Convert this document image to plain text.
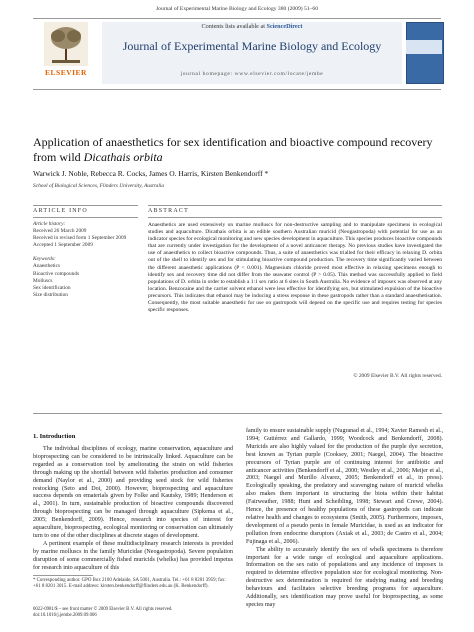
Journal of Experimental Marine Biology and Ecology 380 (2009) 51–60
ELSEVIER
Contents lists available at ScienceDirect
Journal of Experimental Marine Biology and Ecology
journal homepage: www.elsevier.com/locate/jembe
Application of anaesthetics for sex identification and bioactive compound recovery from wild Dicathais orbita
Warwick J. Noble, Rebecca R. Cocks, James O. Harris, Kirsten Benkendorff *
School of Biological Sciences, Flinders University, Australia
ARTICLE INFO
Article history:
Received 26 March 2009
Received in revised form 1 September 2009
Accepted 1 September 2009
Keywords:
Anaesthetics
Bioactive compounds
Molluscs
Sex identification
Size distribution
ABSTRACT
Anaesthetics are used extensively on marine molluscs for non-destructive sampling and to manipulate specimens in ecological studies and aquaculture. Dicathais orbita is an edible southern Australian muricid (Neogastropoda) with potential for use as an indicator species for ecological monitoring and new species development in aquaculture. This species produces bioactive compounds that are currently under investigation for the development of a novel anticancer therapy. No previous studies have investigated the use of anaesthetics to collect bioactive compounds. Thus, a suite of anaesthetics was trialled for their efficacy in relaxing D. orbita out of the shell to identify sex and for stimulating bioactive compound production. The recovery time significantly varied between the different anaesthetic applications (P < 0.001). Magnesium chloride proved most effective in relaxing specimens enough to identify sex and recovery time did not differ from the seawater control (P > 0.05). This method was successfully applied to field populations of D. orbita in order to establish a 1:1 sex ratio at 6 sites in South Australia. No evidence of imposex was observed at any location. Benzocaine and the carrier solvent ethanol were less effective for identifying sex, but stimulated expulsion of the bioactive precursors. This indicates that ethanol may be inducing a stress response in these gastropods rather than a standard anaesthetisation. Consequently, the most suitable anaesthetic for use on gastropods will depend on the specific use and requires testing for species specific responses.
© 2009 Elsevier B.V. All rights reserved.
1. Introduction

The individual disciplines of ecology, marine conservation, aquaculture and bioprospecting can be considered to be intrinsically linked. Aquaculture can be regarded as a conservation tool by ameliorating the strain on wild fisheries through making up the shortfall between wild fisheries production and consumer demand (Naylor et al., 2000) and providing seed stock for wild fisheries restocking (Seto and Doi, 2000). However, bioprospecting and aquaculture success depends on ematerials given by Folke and Kautsky, 1989; Henderson et al., 2001). In turn, sustainable production of bioactive compounds discovered through bioprospecting can be managed through aquaculture (Sipkema et al., 2005; Benkendorff, 2009). Hence, research into species of interest for aquaculture, bioprospecting, ecological monitoring or conservation can ultimately turn to one of the other disciplines at discrete stages of development.

A pertinent example of these multidisciplinary research interests is provided by marine molluscs in the family Muricidae (Neogastropoda). Severe population disruption of some commercially fished muricids (whelks) has provided impetus for research into aquaculture of this

family to ensure sustainable supply (Nugranad et al., 1994; Xavier Ramesh et al., 1994; Gutiérrez and Gallardo, 1999; Woodcock and Benkendorff, 2008). Muricids are also highly valued for the production of the purple dye secretion, best known as Tyrian purple (Cooksey, 2001; Naegel, 2004). The bioactive precursors of Tyrian purple are of continuing interest for antibiotic and anticancer activities (Benkendorff et al., 2000; Westley et al., 2006; Meijer et al., 2003; Naegel and Murillo Alvarez, 2005; Benkendorff et al., in press). Ecologically speaking, the predatory and scavenging nature of muricid whelks also makes them important in structuring the biota within their habitat (Fairweather, 1988; Hunt and Scheibling, 1998; Stewart and Crewe, 2004). Hence, the presence of healthy populations of these gastropods can indicate relative health and changes to ecosystems (Smith, 2005). Furthermore, imposex, development of a pseudo penis in female Muricidae, is used as an indicator for pollution from endocrine disruptors (Axiak et al., 2003; de Castro et al., 2004; Fujinaga et al., 2006).

The ability to accurately identify the sex of whelk specimens is therefore important for a wide range of ecological and aquaculture applications. Information on the sex ratio of populations and any incidence of imposex is required to determine effective population size for ecological monitoring. Non-destructive sex determination is required for studying mating and breeding behaviours and facilitates selective breeding programs for aquaculture. Additionally, sex identification may prove useful for bioprospecting, as some species may

* Corresponding author. GPO Box 2100 Adelaide, SA 5001, Australia. Tel.: +61 8 8201 3959; fax: +61 8 8201 3015. E-mail address: kirsten.benkendorff@flinders.edu.au (K. Benkendorff).
0022-0981/$ – see front matter © 2009 Elsevier B.V. All rights reserved.
doi:10.1016/j.jembe.2009.09.006
